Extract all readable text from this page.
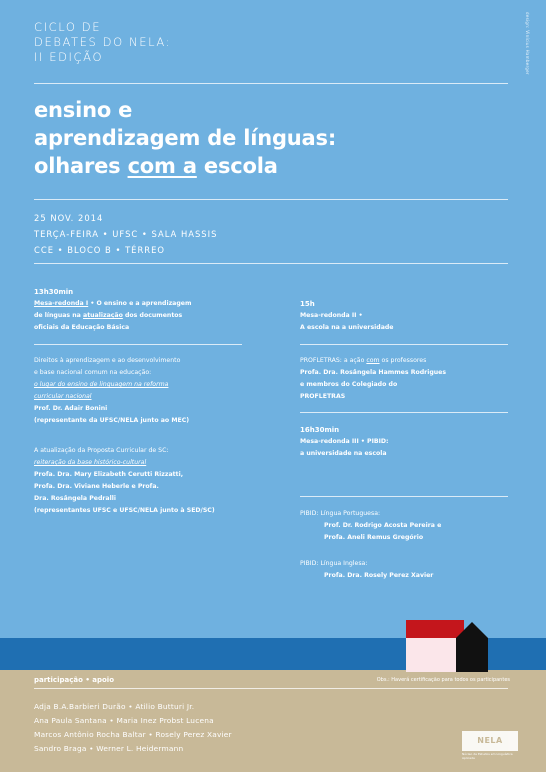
CICLO DE
DEBATES DO NELA:
II EDIÇÃO	design: Vinícius Hamberger
ensino e
aprendizagem de línguas:
olhares com a escola
25 NOV. 2014
TERÇA-FEIRA • UFSC • SALA HASSIS
CCE • BLOCO B • TÉRREO
13h30min
Mesa-redonda I • O ensino e a aprendizagem
de línguas na atualização dos documentos
oficiais da Educação Básica
Direitos à aprendizagem e ao desenvolvimento
e base nacional comum na educação:
o lugar do ensino de linguagem na reforma
curricular nacional
Prof. Dr. Adair Bonini
(representante da UFSC/NELA junto ao MEC)
A atualização da Proposta Curricular de SC:
reiteração da base histórico-cultural
Profa. Dra. Mary Elizabeth Cerutti Rizzatti,
Profa. Dra. Viviane Heberle e Profa.
Dra. Rosângela Pedralli
(representantes UFSC e UFSC/NELA junto à SED/SC)
15h
Mesa-redonda II •
A escola na a universidade
PROFLETRAS: a ação com os professores
Profa. Dra. Rosângela Hammes Rodrigues
e membros do Colegiado do
PROFLETRAS
16h30min
Mesa-redonda III • PIBID:
a universidade na escola
PIBID: Língua Portuguesa:
Prof. Dr. Rodrigo Acosta Pereira e
Profa. Aneli Remus Gregório
PIBID: Língua Inglesa:
Profa. Dra. Rosely Perez Xavier
participação • apoio	Obs.: Haverá certificação para todos os participantes
Adja B.A.Barbieri Durão • Atilio Butturi Jr.
Ana Paula Santana • Maria Inez Probst Lucena
Marcos Antônio Rocha Baltar • Rosely Perez Xavier
Sandro Braga • Werner L. Heidermann
NELA
Núcleo de Estudos em Linguística Aplicada
